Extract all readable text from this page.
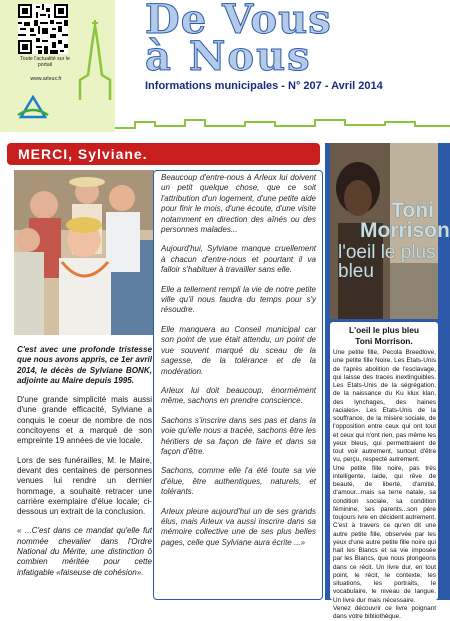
Toute l'actualité sur le portail
www.arleux.fr
De Vous
à Nous
Informations municipales - N° 207 - Avril 2014
MERCI, Sylviane.

C'est avec une profonde tristesse que nous avons appris, ce 1er avril 2014, le décès de Sylviane BONK, adjointe au Maire depuis 1995.

D'une grande simplicité mais aussi d'une grande efficacité, Sylviane a conquis le coeur de nombre de nos concitoyens et a marqué de son empreinte 19 années de vie locale.

Lors de ses funérailles, M. le Maire, devant des centaines de personnes venues lui rendre un dernier hommage, a souhaité retracer une carrière exemplaire d'élue locale; ci-dessous un extrait de la conclusion.

« ...C'est dans ce mandat qu'elle fut nommée chevalier dans l'Ordre National du Mérite, une distinction ô combien méritée pour cette infatigable «faiseuse de cohésion».

Beaucoup d'entre-nous à Arleux lui doivent un petit quelque chose, que ce soit l'attribution d'un logement, d'une petite aide pour finir le mois, d'une écoute, d'une visite notamment en direction des aînés ou des personnes malades...

Aujourd'hui, Sylviane manque cruellement à chacun d'entre-nous et pourtant il va falloir s'habituer à travailler sans elle.

Elle a tellement rempli la vie de notre petite ville qu'il nous faudra du temps pour s'y résoudre.

Elle manquera au Conseil municipal car son point de vue était attendu, un point de vue souvent marqué du sceau de la sagesse, de la tolérance et de la modération.

Arleux lui doit beaucoup, énormément même, sachons en prendre conscience.

Sachons s'inscrire dans ses pas et dans la voie qu'elle nous a tracée, sachons être les héritiers de sa façon de faire et dans sa façon d'être.

Sachons, comme elle l'a été toute sa vie d'élue, être authentiques, naturels, et tolérants.

Arleux pleure aujourd'hui un de ses grands élus, mais Arleux va aussi inscrire dans sa mémoire collective une de ses plus belles pages, celle que Sylviane aura écrite ...»

Toni Morrison
l'oeil le plus bleu
L'oeil le plus bleu
Toni Morrison.

Une petite fille, Pecola Breedlove, une petite fille Noire. Les Etats-Unis de l'après abolition de l'esclavage, qui laisse des traces inextinguibles. Les Etats-Unis de la ségrégation, de la naissance du Ku klux klan, des lynchages, des haines raciales». Les Etats-Unis de la souffrance, de la misère sociale, de l'opposition entre ceux qui ont tout et ceux qui n'ont rien, pas même les yeux bleus, qui permettraient de tout voir autrement, surtout d'être vu, perçu, respecté autrement.

Une petite fille noire, pas très intelligente, laide, qui rêve de beauté, de liberté, d'amitié, d'amour...mais sa terre natale, sa condition sociale, sa condition féminine, ses parents...son père toujours ivre en décident autrement. C'est à travers ce qu'en dit une autre petite fille, observée par les yeux d'une autre petite fille noire qui hait les Blancs et sa vie imposée par les Blancs, que nous plongeons dans ce récit. Un livre dur, en tout point, le récit, le contexte, les situations, les portraits, le vocabulaire, le niveau de langue. Un livre dur mais nécessaire.

Venez découvrir ce livre poignant dans votre bibliothèque.
